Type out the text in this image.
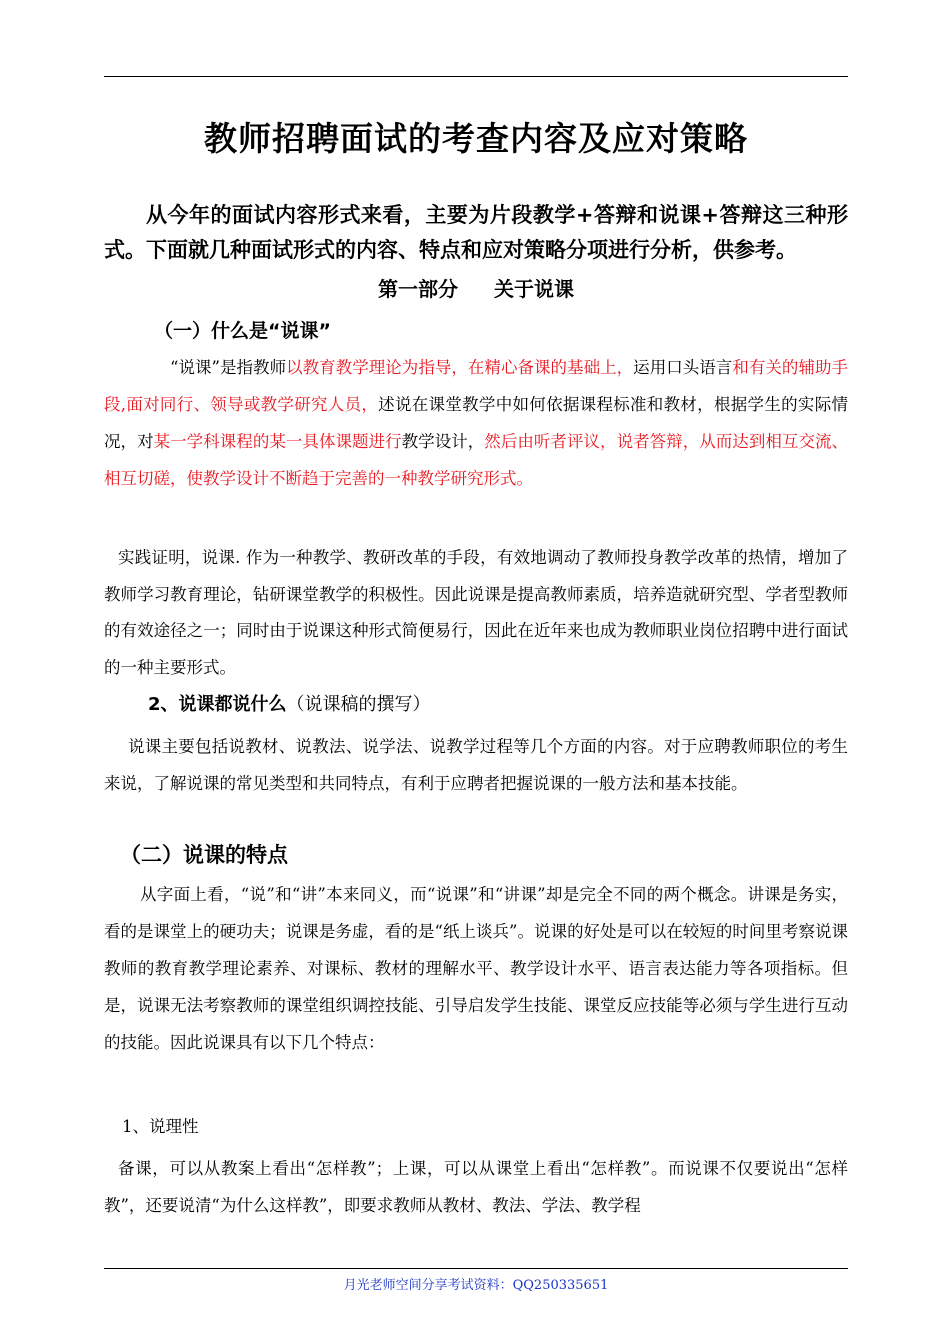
教师招聘面试的考查内容及应对策略

从今年的面试内容形式来看，主要为片段教学+答辩和说课+答辩这三种形式。下面就几种面试形式的内容、特点和应对策略分项进行分析，供参考。

第一部分 关于说课
（一）什么是“说课”

“说课”是指教师以教育教学理论为指导，在精心备课的基础上，运用口头语言和有关的辅助手段,面对同行、领导或教学研究人员，述说在课堂教学中如何依据课程标准和教材，根据学生的实际情况，对某一学科课程的某一具体课题进行教学设计，然后由听者评议，说者答辩，从而达到相互交流、相互切磋，使教学设计不断趋于完善的一种教学研究形式。

实践证明，说课. 作为一种教学、教研改革的手段，有效地调动了教师投身教学改革的热情，增加了教师学习教育理论，钻研课堂教学的积极性。因此说课是提高教师素质，培养造就研究型、学者型教师的有效途径之一；同时由于说课这种形式简便易行，因此在近年来也成为教师职业岗位招聘中进行面试的一种主要形式。

2、说课都说什么（说课稿的撰写）

说课主要包括说教材、说教法、说学法、说教学过程等几个方面的内容。对于应聘教师职位的考生来说，了解说课的常见类型和共同特点，有利于应聘者把握说课的一般方法和基本技能。

（二）说课的特点

从字面上看，“说”和“讲”本来同义，而“说课”和“讲课”却是完全不同的两个概念。讲课是务实，看的是课堂上的硬功夫；说课是务虚，看的是“纸上谈兵”。说课的好处是可以在较短的时间里考察说课教师的教育教学理论素养、对课标、教材的理解水平、教学设计水平、语言表达能力等各项指标。但是，说课无法考察教师的课堂组织调控技能、引导启发学生技能、课堂反应技能等必须与学生进行互动的技能。因此说课具有以下几个特点：

1、说理性

备课，可以从教案上看出“怎样教”；上课，可以从课堂上看出“怎样教”。而说课不仅要说出“怎样教”，还要说清“为什么这样教”，即要求教师从教材、教法、学法、教学程

月光老师空间分享考试资料：QQ250335651
